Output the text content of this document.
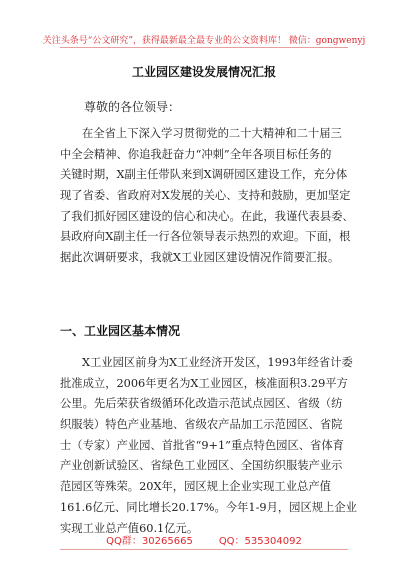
关注头条号“公文研究”，获得最新最全最专业的公文资料库！ 微信：gongwenyj
工业园区建设发展情况汇报
尊敬的各位领导：
在全省上下深入学习贯彻党的二十大精神和二十届三
中全会精神、你追我赶奋力“冲刺”全年各项目标任务的
关键时期，X副主任带队来到X调研园区建设工作，充分体
现了省委、省政府对X发展的关心、支持和鼓励，更加坚定
了我们抓好园区建设的信心和决心。在此，我谨代表县委、
县政府向X副主任一行各位领导表示热烈的欢迎。下面，根
据此次调研要求，我就X工业园区建设情况作简要汇报。
一、工业园区基本情况
X工业园区前身为X工业经济开发区，1993年经省计委
批准成立，2006年更名为X工业园区，核准面积3.29平方
公里。先后荣获省级循环化改造示范试点园区、省级（纺
织服装）特色产业基地、省级农产品加工示范园区、省院
士（专家）产业园、首批省“9+1”重点特色园区、省体育
产业创新试验区、省绿色工业园区、全国纺织服装产业示
范园区等殊荣。20X年，园区规上企业实现工业总产值
161.6亿元、同比增长20.17%。今年1-9月，园区规上企业
实现工业总产值60.1亿元。
QQ群：30265665	QQ：535304092
